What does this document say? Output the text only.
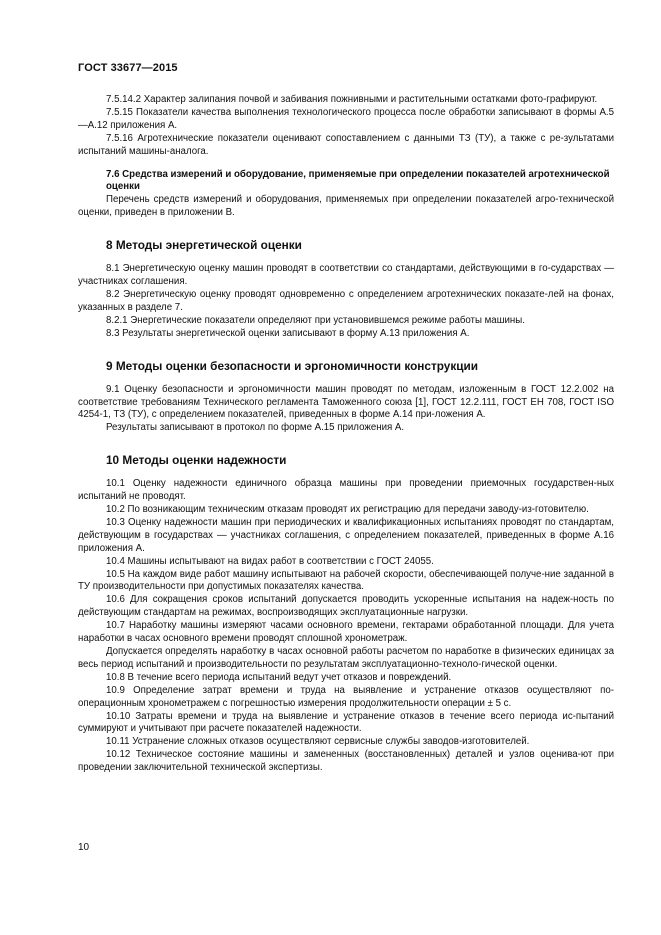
ГОСТ 33677—2015

7.5.14.2 Характер залипания почвой и забивания пожнивными и растительными остатками фото-графируют.

7.5.15 Показатели качества выполнения технологического процесса после обработки записывают в формы А.5—А.12 приложения А.

7.5.16 Агротехнические показатели оценивают сопоставлением с данными ТЗ (ТУ), а также с ре-зультатами испытаний машины-аналога.

7.6 Средства измерений и оборудование, применяемые при определении показателей агротехнической оценки

Перечень средств измерений и оборудования, применяемых при определении показателей агро-технической оценки, приведен в приложении В.

8 Методы энергетической оценки

8.1 Энергетическую оценку машин проводят в соответствии со стандартами, действующими в го-сударствах — участниках соглашения.

8.2 Энергетическую оценку проводят одновременно с определением агротехнических показате-лей на фонах, указанных в разделе 7.

8.2.1 Энергетические показатели определяют при установившемся режиме работы машины.

8.3 Результаты энергетической оценки записывают в форму А.13 приложения А.

9 Методы оценки безопасности и эргономичности конструкции

9.1 Оценку безопасности и эргономичности машин проводят по методам, изложенным в ГОСТ 12.2.002 на соответствие требованиям Технического регламента Таможенного союза [1], ГОСТ 12.2.111, ГОСТ ЕН 708, ГОСТ ISO 4254-1, ТЗ (ТУ), с определением показателей, приведенных в форме А.14 при-ложения А.

Результаты записывают в протокол по форме А.15 приложения А.

10 Методы оценки надежности

10.1 Оценку надежности единичного образца машины при проведении приемочных государствен-ных испытаний не проводят.

10.2 По возникающим техническим отказам проводят их регистрацию для передачи заводу-из-готовителю.

10.3 Оценку надежности машин при периодических и квалификационных испытаниях проводят по стандартам, действующим в государствах — участниках соглашения, с определением показателей, приведенных в форме А.16 приложения А.

10.4 Машины испытывают на видах работ в соответствии с ГОСТ 24055.

10.5 На каждом виде работ машину испытывают на рабочей скорости, обеспечивающей получе-ние заданной в ТУ производительности при допустимых показателях качества.

10.6 Для сокращения сроков испытаний допускается проводить ускоренные испытания на надеж-ность по действующим стандартам на режимах, воспроизводящих эксплуатационные нагрузки.

10.7 Наработку машины измеряют часами основного времени, гектарами обработанной площади. Для учета наработки в часах основного времени проводят сплошной хронометраж.

Допускается определять наработку в часах основной работы расчетом по наработке в физических единицах за весь период испытаний и производительности по результатам эксплуатационно-техноло-гической оценки.

10.8 В течение всего периода испытаний ведут учет отказов и повреждений.

10.9 Определение затрат времени и труда на выявление и устранение отказов осуществляют по-операционным хронометражем с погрешностью измерения продолжительности операции ± 5 с.

10.10 Затраты времени и труда на выявление и устранение отказов в течение всего периода ис-пытаний суммируют и учитывают при расчете показателей надежности.

10.11 Устранение сложных отказов осуществляют сервисные службы заводов-изготовителей.

10.12 Техническое состояние машины и замененных (восстановленных) деталей и узлов оценива-ют при проведении заключительной технической экспертизы.

10
